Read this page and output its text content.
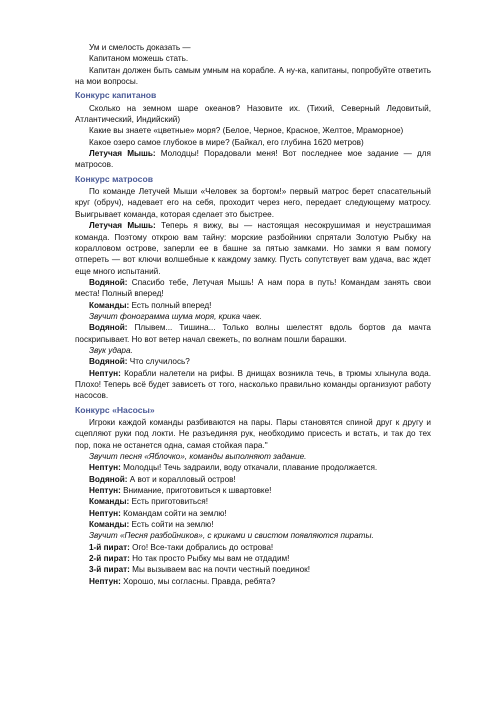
Ум и смелость доказать —

Капитаном можешь стать.

Капитан должен быть самым умным на корабле. А ну-ка, капитаны, попробуйте ответить на мои вопросы.

Конкурс капитанов

Сколько на земном шаре океанов? Назовите их. (Тихий, Северный Ледовитый, Атлантический, Индийский)

Какие вы знаете «цветные» моря? (Белое, Черное, Красное, Желтое, Мраморное)

Какое озеро самое глубокое в мире? (Байкал, его глубина 1620 метров)

Летучая Мышь: Молодцы! Порадовали меня! Вот последнее мое задание — для матросов.

Конкурс матросов

По команде Летучей Мыши «Человек за бортом!» первый матрос берет спасательный круг (обруч), надевает его на себя, проходит через него, передает следующему матросу. Выигрывает команда, которая сделает это быстрее.

Летучая Мышь: Теперь я вижу, вы — настоящая несокрушимая и неустрашимая команда. Поэтому открою вам тайну: морские разбойники спрятали Золотую Рыбку на коралловом острове, заперли ее в башне за пятью замками. Но замки я вам помогу отпереть — вот ключи волшебные к каждому замку. Пусть сопутствует вам удача, вас ждет еще много испытаний.

Водяной: Спасибо тебе, Летучая Мышь! А нам пора в путь! Командам занять свои места! Полный вперед!

Команды: Есть полный вперед!

Звучит фонограмма шума моря, крика чаек.

Водяной: Плывем... Тишина... Только волны шелестят вдоль бортов да мачта поскрипывает. Но вот ветер начал свежеть, по волнам пошли барашки.

Звук удара.

Водяной: Что случилось?

Нептун: Корабли налетели на рифы. В днищах возникла течь, в трюмы хлынула вода. Плохо! Теперь всё будет зависеть от того, насколько правильно команды организуют работу насосов.

Конкурс «Насосы»

Игроки каждой команды разбиваются на пары. Пары становятся спиной друг к другу и сцепляют руки под локти. Не разъединяя рук, необходимо присесть и встать, и так до тех пор, пока не останется одна, самая стойкая пара."

Звучит песня «Яблочко», команды выполняют задание.

Нептун: Молодцы! Течь задраили, воду откачали, плавание продолжается.

Водяной: А вот и коралловый остров!

Нептун: Внимание, приготовиться к швартовке!

Команды: Есть приготовиться!

Нептун: Командам сойти на землю!

Команды: Есть сойти на землю!

Звучит «Песня разбойников», с криками и свистом появляются пираты.

1-й пират: Ого! Все-таки добрались до острова!

2-й пират: Но так просто Рыбку мы вам не отдадим!

3-й пират: Мы вызываем вас на почти честный поединок!

Нептун: Хорошо, мы согласны. Правда, ребята?
